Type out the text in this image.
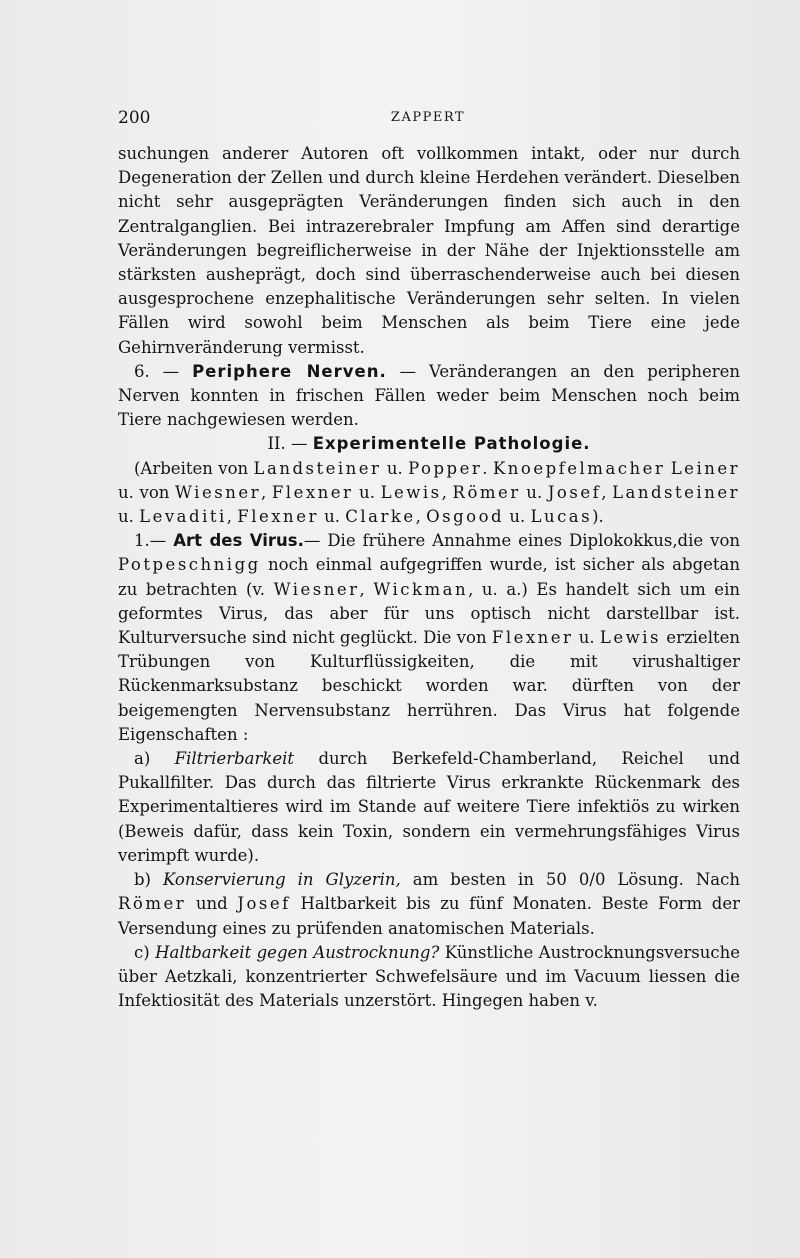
200	ZAPPERT

suchungen anderer Autoren oft vollkommen intakt, oder nur durch Degeneration der Zellen und durch kleine Herdehen verändert. Dieselben nicht sehr ausgeprägten Veränderungen finden sich auch in den Zentralganglien. Bei intrazerebraler Impfung am Affen sind derartige Veränderungen begreiflicherweise in der Nähe der Injektionsstelle am stärksten ausheprägt, doch sind überraschenderweise auch bei diesen ausgesprochene enzephalitische Veränderungen sehr selten. In vielen Fällen wird sowohl beim Menschen als beim Tiere eine jede Gehirnveränderung vermisst.

6. — Periphere Nerven. — Veränderangen an den peripheren Nerven konnten in frischen Fällen weder beim Menschen noch beim Tiere nachgewiesen werden.

II. — Experimentelle Pathologie.

(Arbeiten von Landsteiner u. Popper. Knoepfelmacher Leiner u. von Wiesner, Flexner u. Lewis, Römer u. Josef, Landsteiner u. Levaditi, Flexner u. Clarke, Osgood u. Lucas).

1.— Art des Virus.— Die frühere Annahme eines Diplokokkus,die von Potpeschnigg noch einmal aufgegriffen wurde, ist sicher als abgetan zu betrachten (v. Wiesner, Wickman, u. a.) Es handelt sich um ein geformtes Virus, das aber für uns optisch nicht darstellbar ist. Kulturversuche sind nicht geglückt. Die von Flexner u. Lewis erzielten Trübungen von Kulturflüssigkeiten, die mit virushaltiger Rückenmarksubstanz beschickt worden war. dürften von der beigemengten Nervensubstanz herrühren. Das Virus hat folgende Eigenschaften :

a) Filtrierbarkeit durch Berkefeld-Chamberland, Reichel und Pukallfilter. Das durch das filtrierte Virus erkrankte Rückenmark des Experimentaltieres wird im Stande auf weitere Tiere infektiös zu wirken (Beweis dafür, dass kein Toxin, sondern ein vermehrungsfähiges Virus verimpft wurde).

b) Konservierung in Glyzerin, am besten in 50 0/0 Lösung. Nach Römer und Josef Haltbarkeit bis zu fünf Monaten. Beste Form der Versendung eines zu prüfenden anatomischen Materials.

c) Haltbarkeit gegen Austrocknung? Künstliche Austrocknungsversuche über Aetzkali, konzentrierter Schwefelsäure und im Vacuum liessen die Infektiosität des Materials unzerstört. Hingegen haben v.
